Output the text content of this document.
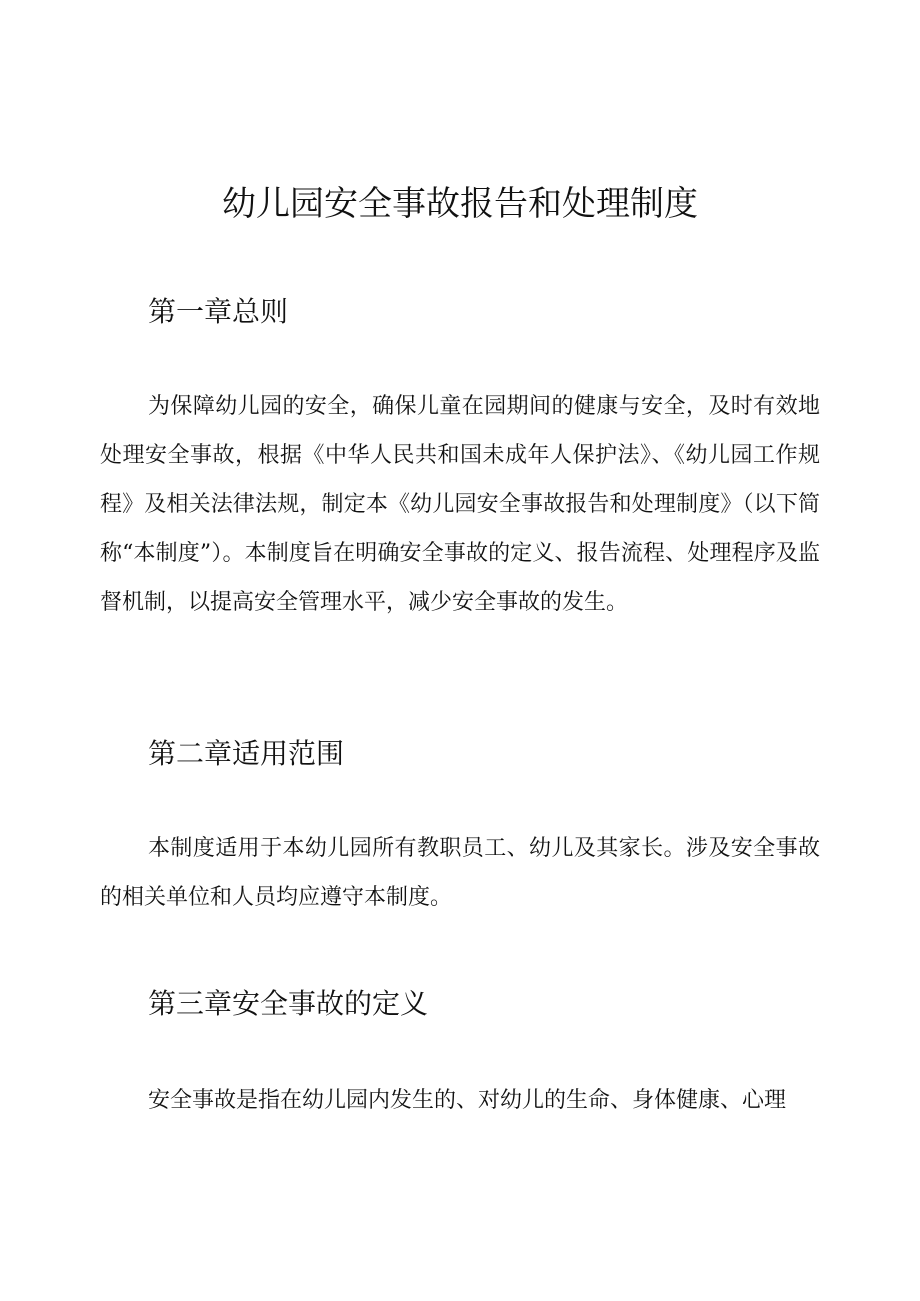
幼儿园安全事故报告和处理制度
第一章总则

为保障幼儿园的安全，确保儿童在园期间的健康与安全，及时有效地处理安全事故，根据《中华人民共和国未成年人保护法》、《幼儿园工作规程》及相关法律法规，制定本《幼儿园安全事故报告和处理制度》（以下简称“本制度”）。本制度旨在明确安全事故的定义、报告流程、处理程序及监督机制，以提高安全管理水平，减少安全事故的发生。

第二章适用范围

本制度适用于本幼儿园所有教职员工、幼儿及其家长。涉及安全事故的相关单位和人员均应遵守本制度。

第三章安全事故的定义

安全事故是指在幼儿园内发生的、对幼儿的生命、身体健康、心理
